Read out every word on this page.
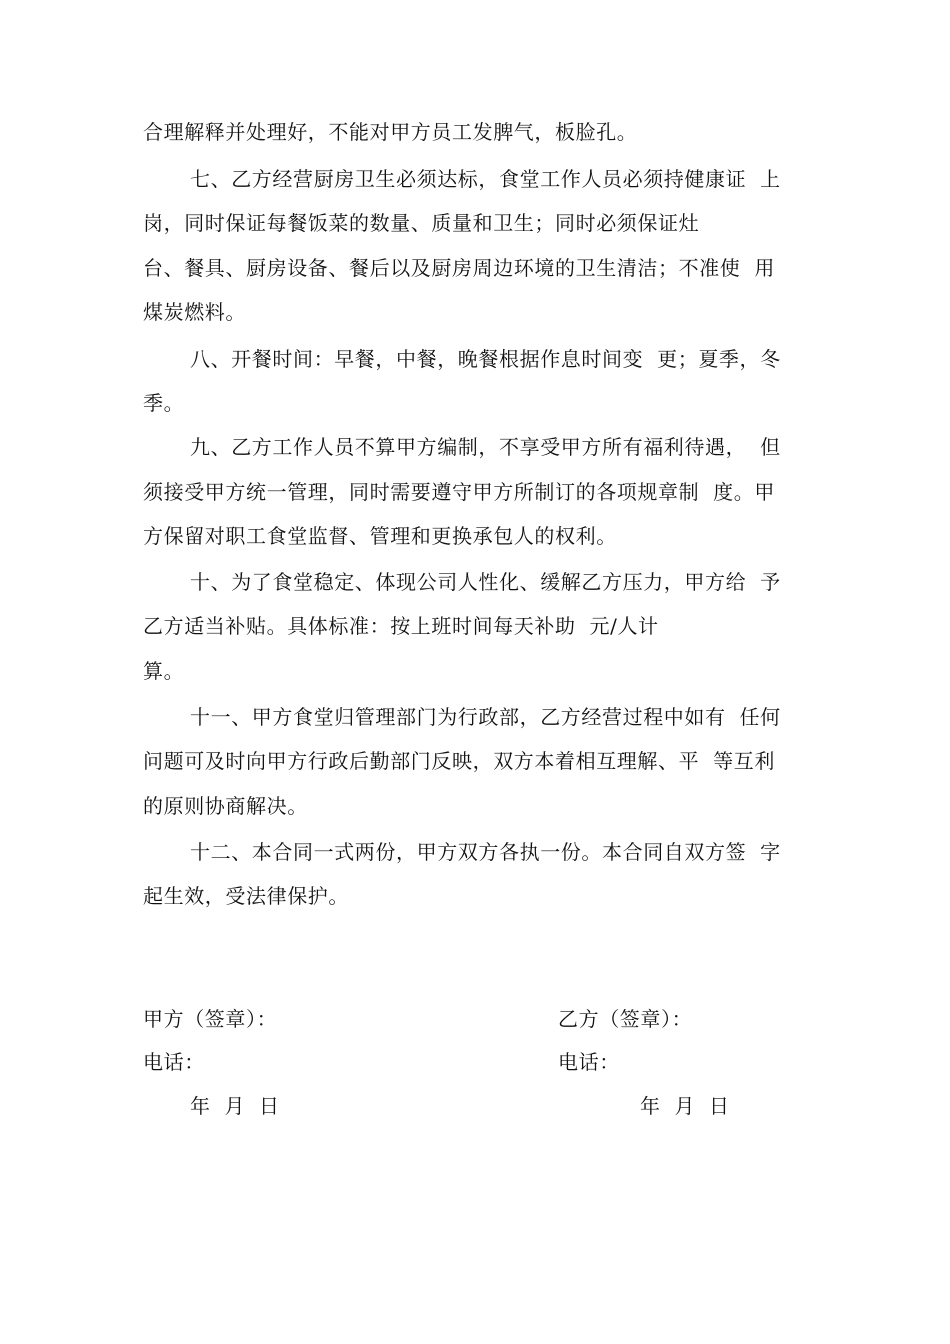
合理解释并处理好，不能对甲方员工发脾气，板脸孔。
七、乙方经营厨房卫生必须达标，食堂工作人员必须持健康证  上
岗，同时保证每餐饭菜的数量、质量和卫生；同时必须保证灶
台、餐具、厨房设备、餐后以及厨房周边环境的卫生清洁；不准使  用
煤炭燃料。
八、开餐时间：早餐，中餐，晚餐根据作息时间变  更；夏季，冬
季。
九、乙方工作人员不算甲方编制，不享受甲方所有福利待遇，  但
须接受甲方统一管理，同时需要遵守甲方所制订的各项规章制  度。甲
方保留对职工食堂监督、管理和更换承包人的权利。
十、为了食堂稳定、体现公司人性化、缓解乙方压力，甲方给  予
乙方适当补贴。具体标准：按上班时间每天补助  元/人计
算。
十一、甲方食堂归管理部门为行政部，乙方经营过程中如有  任何
问题可及时向甲方行政后勤部门反映，双方本着相互理解、平  等互利
的原则协商解决。
十二、本合同一式两份，甲方双方各执一份。本合同自双方签  字
起生效，受法律保护。
甲方（签章）：	乙方（签章）：
电话：	电话：
年  月  日	年  月  日
